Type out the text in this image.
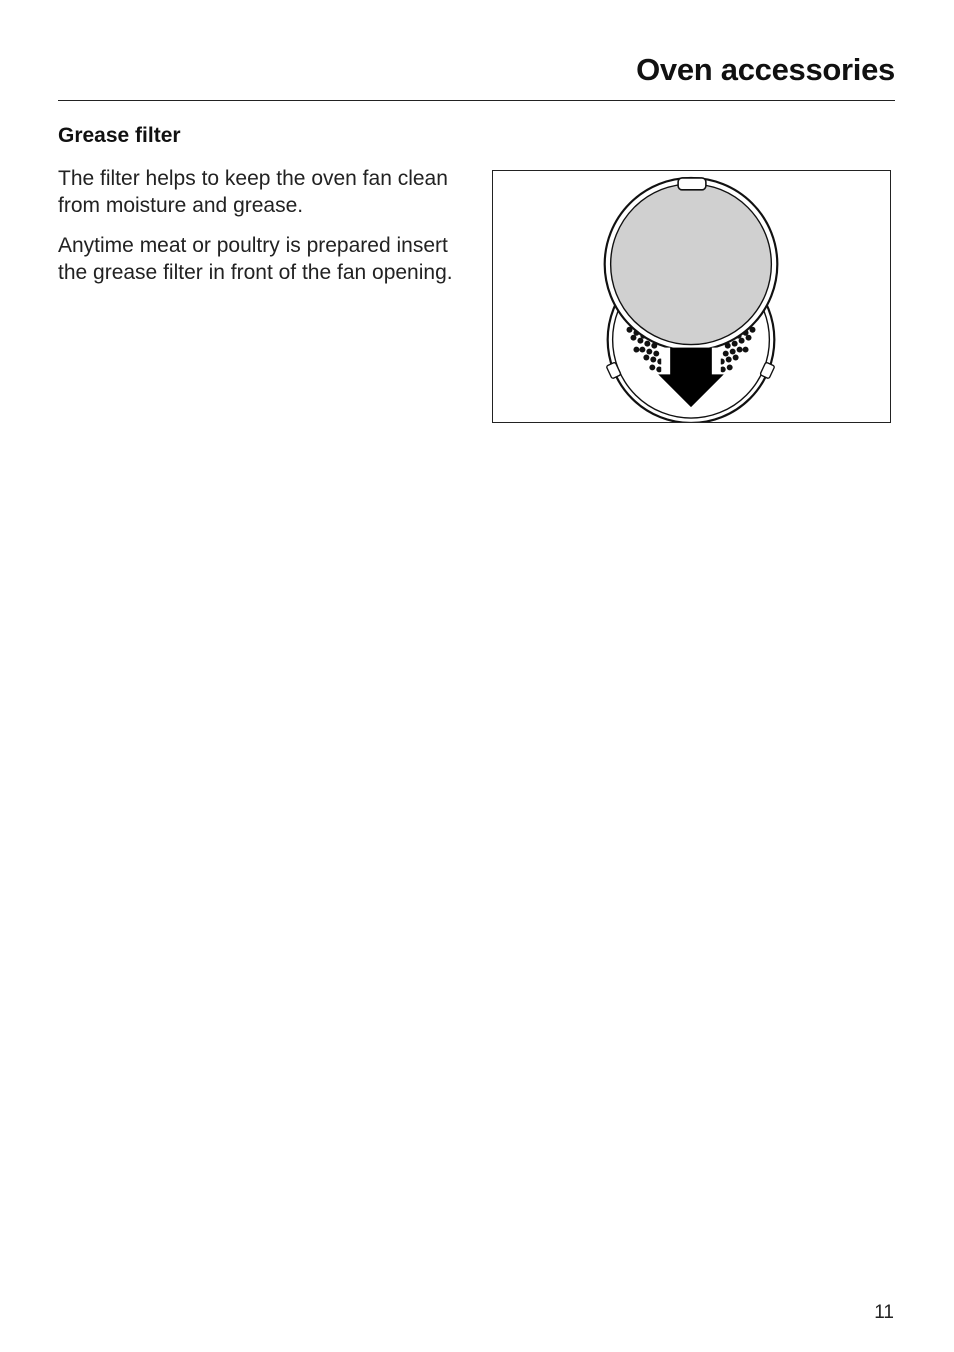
Oven accessories
Grease filter

The filter helps to keep the oven fan clean from moisture and grease.

Anytime meat or poultry is prepared insert the grease filter in front of the fan opening.

11
